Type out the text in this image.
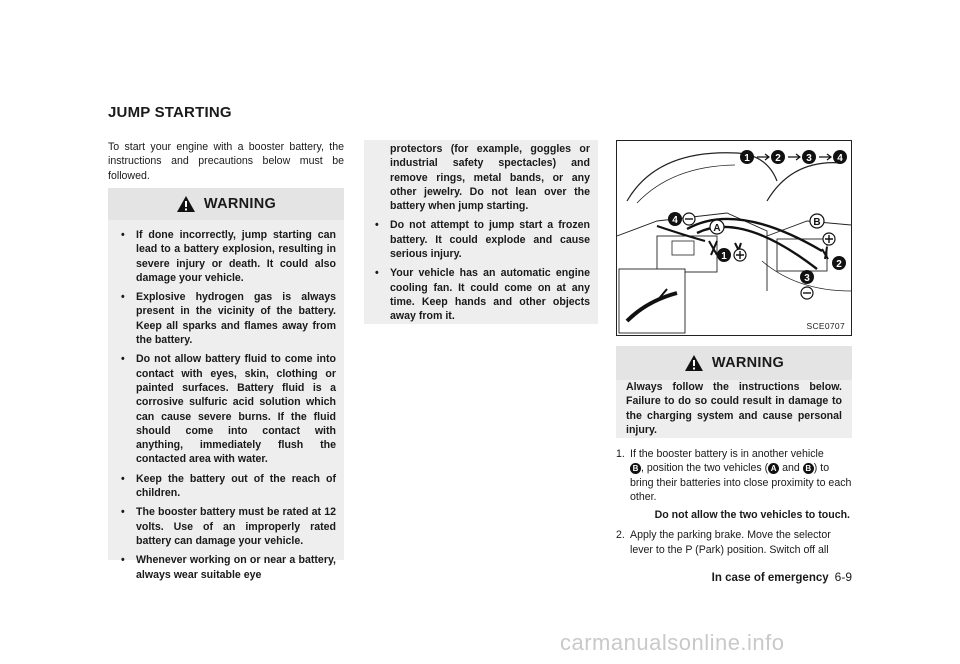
JUMP STARTING
To start your engine with a booster battery, the instructions and precautions below must be followed.
WARNING
• If done incorrectly, jump starting can lead to a battery explosion, resulting in severe injury or death. It could also damage your vehicle.
• Explosive hydrogen gas is always present in the vicinity of the battery. Keep all sparks and flames away from the battery.
• Do not allow battery fluid to come into contact with eyes, skin, clothing or painted surfaces. Battery fluid is a corrosive sulfuric acid solution which can cause severe burns. If the fluid should come into contact with anything, immediately flush the contacted area with water.
• Keep the battery out of the reach of children.
• The booster battery must be rated at 12 volts. Use of an improperly rated battery can damage your vehicle.
• Whenever working on or near a battery, always wear suitable eye
protectors (for example, goggles or industrial safety spectacles) and remove rings, metal bands, or any other jewelry. Do not lean over the battery when jump starting.
• Do not attempt to jump start a frozen battery. It could explode and cause serious injury.
• Your vehicle has an automatic engine cooling fan. It could come on at any time. Keep hands and other objects away from it.
1	2	3	4
4
A
1
B
2
3
SCE0707
WARNING
Always follow the instructions below. Failure to do so could result in damage to the charging system and cause personal injury.
1. If the booster battery is in another vehicle
B , position the two vehicles ( A and B ) to bring their batteries into close proximity to each other.
Do not allow the two vehicles to touch.
2. Apply the parking brake. Move the selector lever to the P (Park) position. Switch off all
In case of emergency 6-9
carmanualsonline.info
